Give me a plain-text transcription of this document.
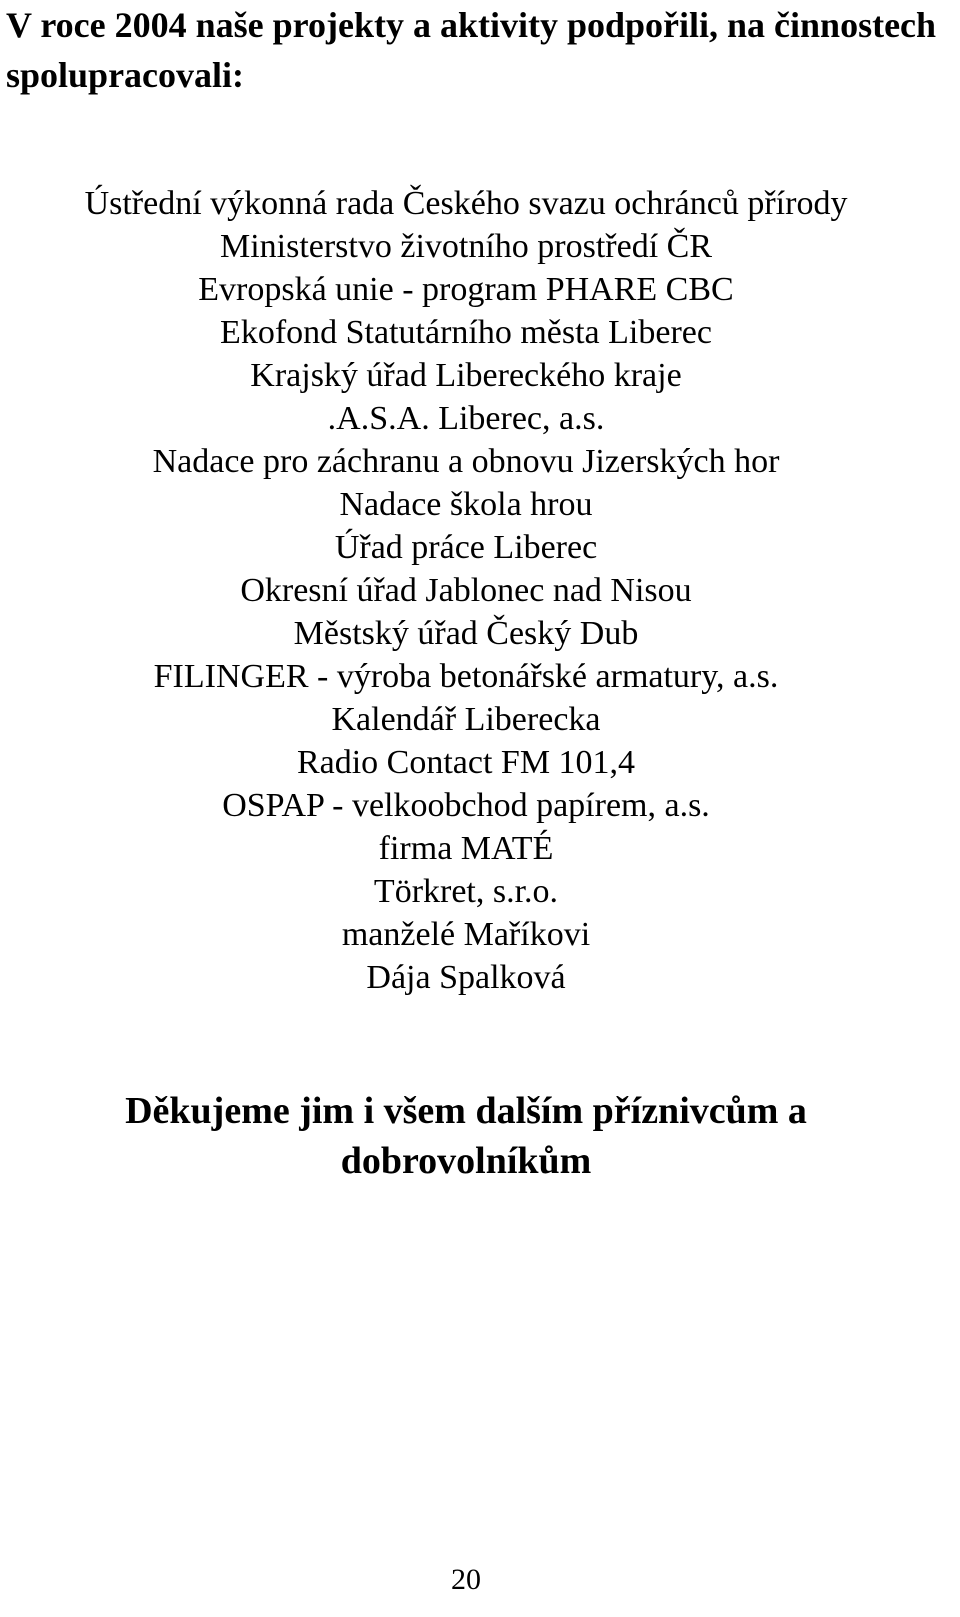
V roce 2004 naše projekty a aktivity podpořili, na činnostech spolupracovali:
Ústřední výkonná rada Českého svazu ochránců přírody
Ministerstvo životního prostředí ČR
Evropská unie - program PHARE CBC
Ekofond Statutárního města Liberec
Krajský úřad Libereckého kraje
.A.S.A. Liberec, a.s.
Nadace pro záchranu a obnovu Jizerských hor
Nadace škola hrou
Úřad práce Liberec
Okresní úřad Jablonec nad Nisou
Městský úřad Český Dub
FILINGER - výroba betonářské armatury, a.s.
Kalendář Liberecka
Radio Contact FM 101,4
OSPAP - velkoobchod papírem, a.s.
firma MATÉ
Törkret, s.r.o.
manželé Maříkovi
Dája Spalková

Děkujeme jim i všem dalším příznivcům a dobrovolníkům

20
